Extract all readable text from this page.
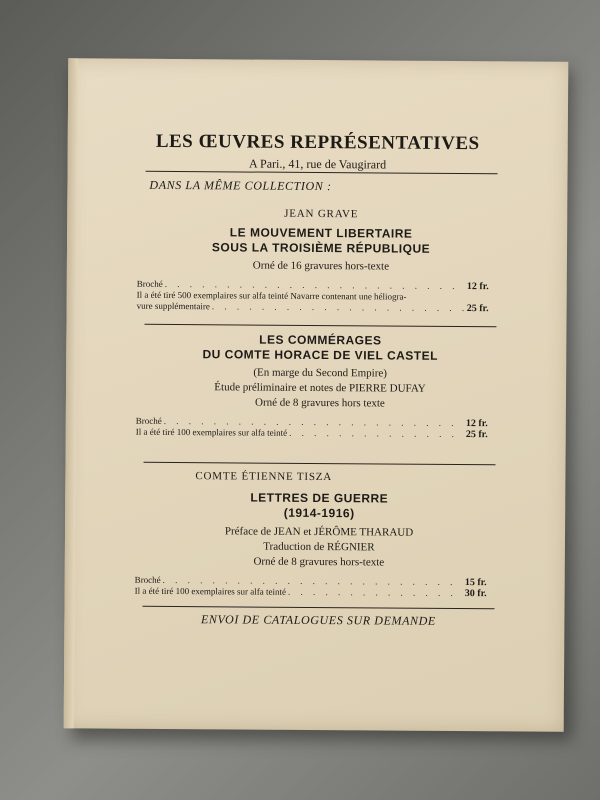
LES ŒUVRES REPRÉSENTATIVES
A Pari., 41, rue de Vaugirard
DANS LA MÊME COLLECTION :
JEAN GRAVE
LE MOUVEMENT LIBERTAIRE
SOUS LA TROISIÈME RÉPUBLIQUE
Orné de 16 gravures hors-texte
Broché . . .	12 fr.
Il a été tiré 500 exemplaires sur alfa teinté Navarre contenant une héliogra-
vure supplémentaire . . .	25 fr.
LES COMMÉRAGES
DU COMTE HORACE DE VIEL CASTEL
(En marge du Second Empire)
Étude préliminaire et notes de PIERRE DUFAY
Orné de 8 gravures hors texte
Broché . . .	12 fr.
Il a été tiré 100 exemplaires sur alfa teinté . . .	25 fr.
COMTE ÉTIENNE TISZA
LETTRES DE GUERRE
(1914-1916)
Préface de JEAN et JÉRÔME THARAUD
Traduction de RÉGNIER
Orné de 8 gravures hors-texte
Broché . . .	15 fr.
Il a été tiré 100 exemplaires sur alfa teinté . . .	30 fr.
ENVOI DE CATALOGUES SUR DEMANDE
